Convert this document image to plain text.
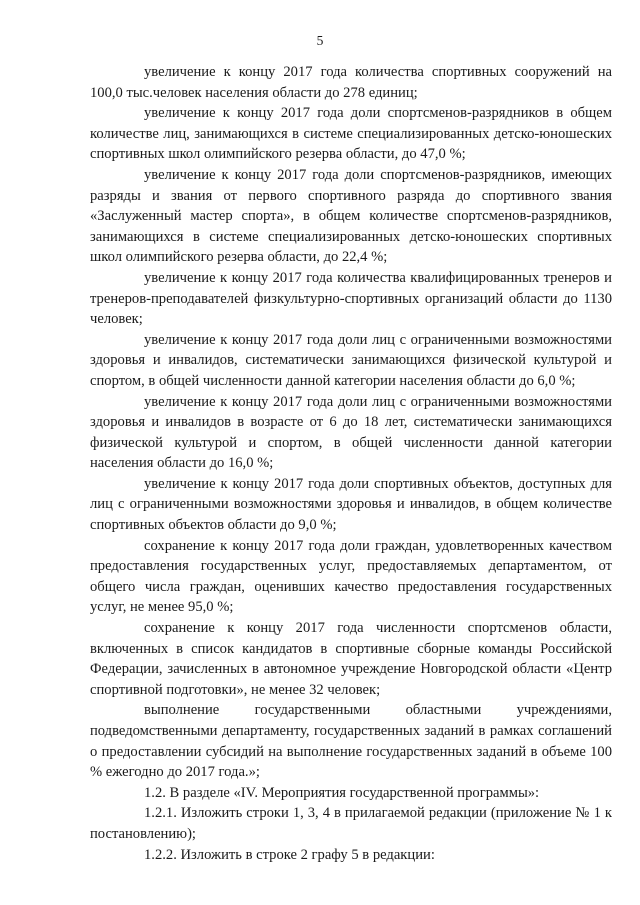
5

увеличение к концу 2017 года количества спортивных сооружений на 100,0 тыс.человек населения области до 278 единиц;

увеличение к концу 2017 года доли спортсменов-разрядников в общем количестве лиц, занимающихся в системе специализированных детско-юношеских спортивных школ олимпийского резерва области, до 47,0 %;

увеличение к концу 2017 года доли спортсменов-разрядников, имеющих разряды и звания от первого спортивного разряда до спортивного звания «Заслуженный мастер спорта», в общем количестве спортсменов-разрядников, занимающихся в системе специализированных детско-юношеских спортивных школ олимпийского резерва области, до 22,4 %;

увеличение к концу 2017 года количества квалифицированных тренеров и тренеров-преподавателей физкультурно-спортивных организаций области до 1130 человек;

увеличение к концу 2017 года доли лиц с ограниченными возможностями здоровья и инвалидов, систематически занимающихся физической культурой и спортом, в общей численности данной категории населения области до 6,0 %;

увеличение к концу 2017 года доли лиц с ограниченными возможностями здоровья и инвалидов в возрасте от 6 до 18 лет, систематически занимающихся физической культурой и спортом, в общей численности данной категории населения области до 16,0 %;

увеличение к концу 2017 года доли спортивных объектов, доступных для лиц с ограниченными возможностями здоровья и инвалидов, в общем количестве спортивных объектов области до 9,0 %;

сохранение к концу 2017 года доли граждан, удовлетворенных качеством предоставления государственных услуг, предоставляемых департаментом, от общего числа граждан, оценивших качество предоставления государственных услуг, не менее 95,0 %;

сохранение к концу 2017 года численности спортсменов области, включенных в список кандидатов в спортивные сборные команды Российской Федерации, зачисленных в автономное учреждение Новгородской области «Центр спортивной подготовки», не менее 32 человек;

выполнение государственными областными учреждениями, подведомственными департаменту, государственных заданий в рамках соглашений о предоставлении субсидий на выполнение государственных заданий в объеме 100 % ежегодно до 2017 года.»;

1.2. В разделе «IV. Мероприятия государственной программы»:

1.2.1. Изложить строки 1, 3, 4 в прилагаемой редакции (приложение № 1 к постановлению);

1.2.2. Изложить в строке 2 графу 5 в редакции:
